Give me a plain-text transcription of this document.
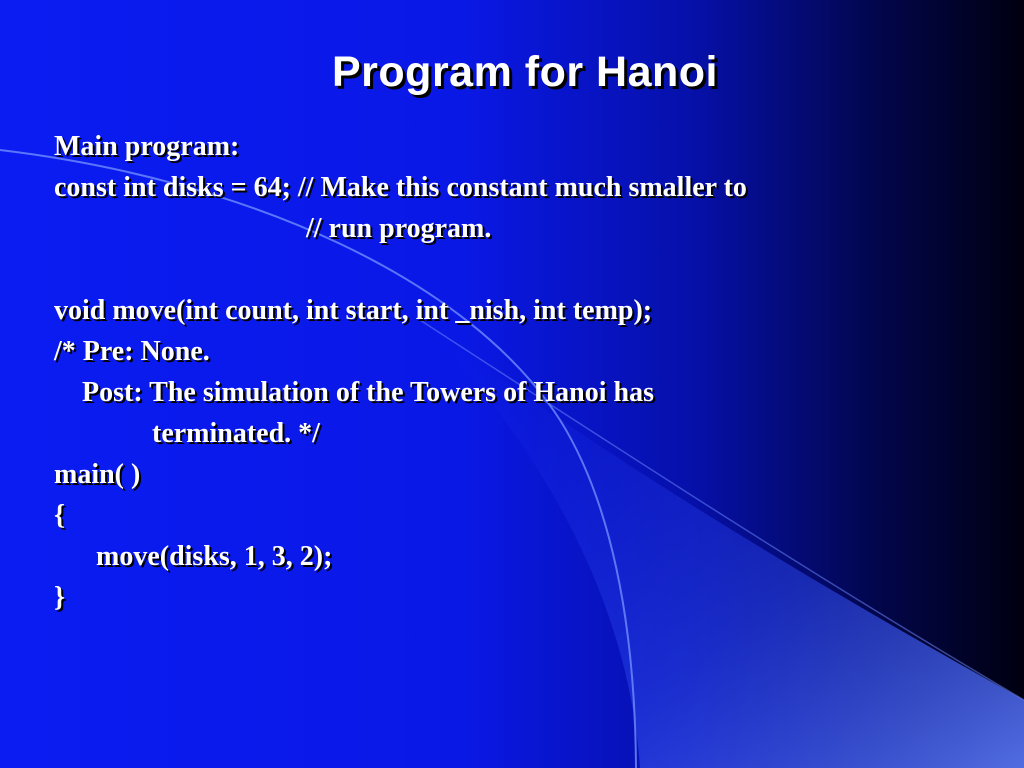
Program for Hanoi
Main program:
const int disks = 64; // Make this constant much smaller to
// run program.
void move(int count, int start, int _nish, int temp);
/* Pre: None.
Post: The simulation of the Towers of Hanoi has
terminated. */
main( )
{
move(disks, 1, 3, 2);
}
